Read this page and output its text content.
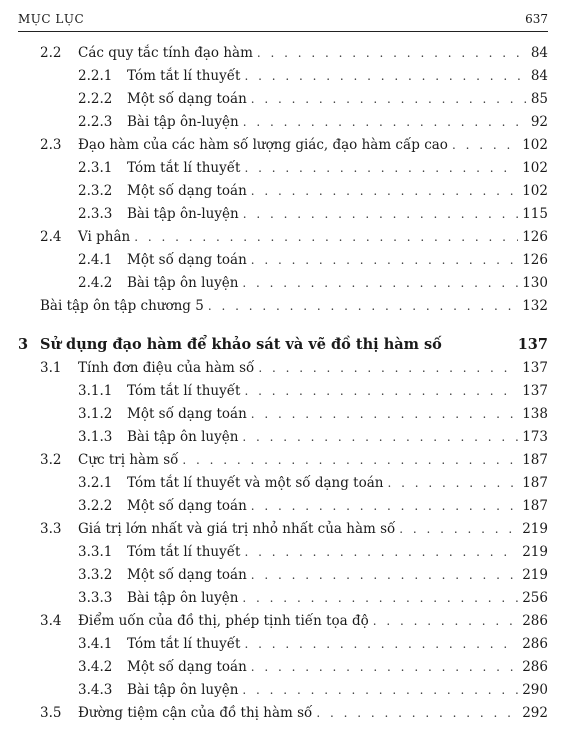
MỤC LỤC	637
2.2	Các quy tắc tính đạo hàm . . .	84
2.2.1	Tóm tắt lí thuyết . . .	84
2.2.2	Một số dạng toán . . .	85
2.2.3	Bài tập ôn-luyện . . .	92
2.3	Đạo hàm của các hàm số lượng giác, đạo hàm cấp cao . . .	102
2.3.1	Tóm tắt lí thuyết . . .	102
2.3.2	Một số dạng toán . . .	102
2.3.3	Bài tập ôn-luyện . . .	115
2.4	Vi phân . . .	126
2.4.1	Một số dạng toán . . .	126
2.4.2	Bài tập ôn luyện . . .	130
Bài tập ôn tập chương 5 . . .	132
3 Sử dụng đạo hàm để khảo sát và vẽ đồ thị hàm số	137
3.1	Tính đơn điệu của hàm số . . .	137
3.1.1	Tóm tắt lí thuyết . . .	137
3.1.2	Một số dạng toán . . .	138
3.1.3	Bài tập ôn luyện . . .	173
3.2	Cực trị hàm số . . .	187
3.2.1	Tóm tắt lí thuyết và một số dạng toán . . .	187
3.2.2	Một số dạng toán . . .	187
3.3	Giá trị lớn nhất và giá trị nhỏ nhất của hàm số . . .	219
3.3.1	Tóm tắt lí thuyết . . .	219
3.3.2	Một số dạng toán . . .	219
3.3.3	Bài tập ôn luyện . . .	256
3.4	Điểm uốn của đồ thị, phép tịnh tiến tọa độ . . .	286
3.4.1	Tóm tắt lí thuyết . . .	286
3.4.2	Một số dạng toán . . .	286
3.4.3	Bài tập ôn luyện . . .	290
3.5	Đường tiệm cận của đồ thị hàm số . . .	292
